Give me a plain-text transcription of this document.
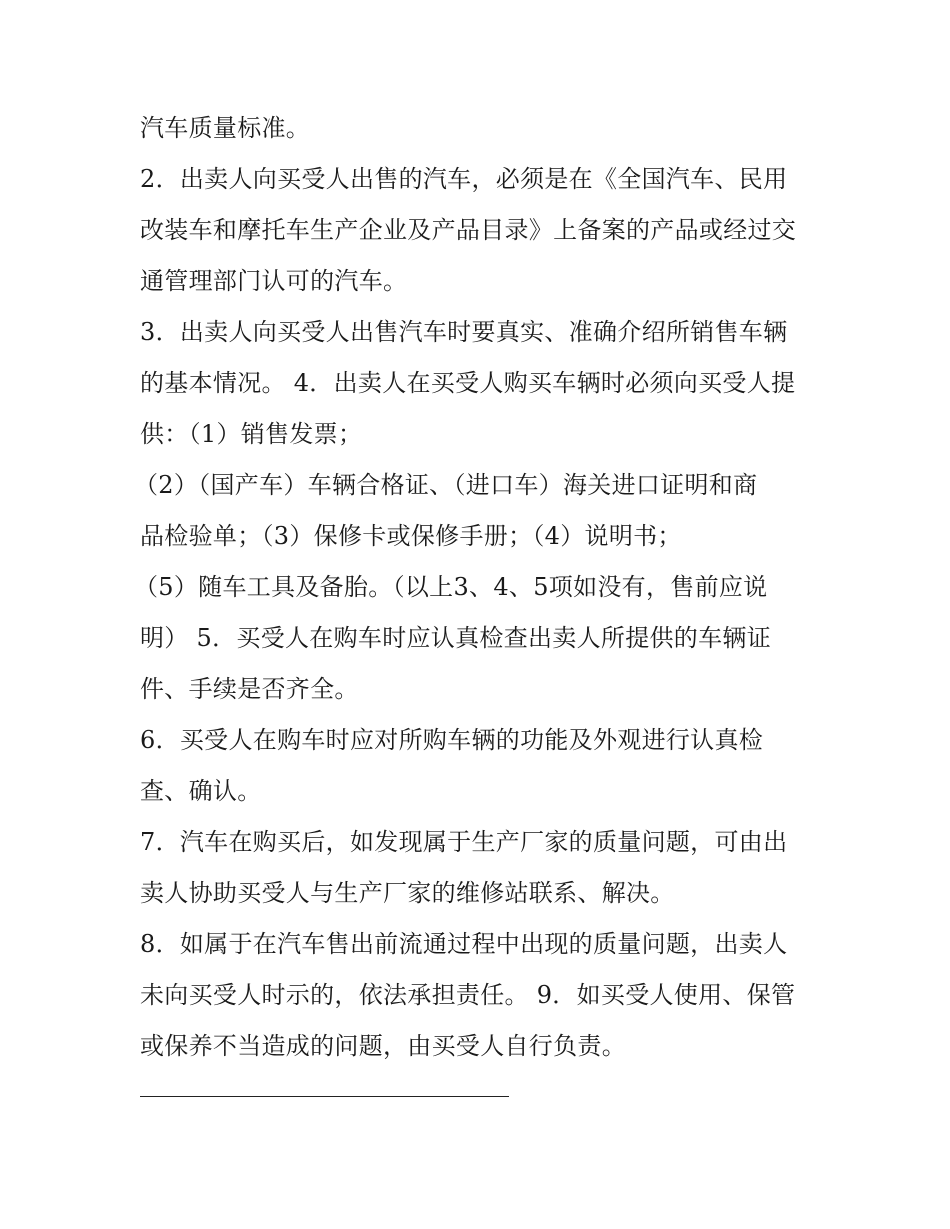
汽车质量标准。
2．出卖人向买受人出售的汽车，必须是在《全国汽车、民用
改装车和摩托车生产企业及产品目录》上备案的产品或经过交
通管理部门认可的汽车。
3．出卖人向买受人出售汽车时要真实、准确介绍所销售车辆
的基本情况。 4．出卖人在买受人购买车辆时必须向买受人提
供：（1）销售发票；
（2）（国产车）车辆合格证、（进口车）海关进口证明和商
品检验单；（3）保修卡或保修手册；（4）说明书；
（5）随车工具及备胎。（以上3、4、5项如没有，售前应说
明） 5．买受人在购车时应认真检查出卖人所提供的车辆证
件、手续是否齐全。
6．买受人在购车时应对所购车辆的功能及外观进行认真检
查、确认。
7．汽车在购买后，如发现属于生产厂家的质量问题，可由出
卖人协助买受人与生产厂家的维修站联系、解决。
8．如属于在汽车售出前流通过程中出现的质量问题，出卖人
未向买受人时示的，依法承担责任。 9．如买受人使用、保管
或保养不当造成的问题，由买受人自行负责。
